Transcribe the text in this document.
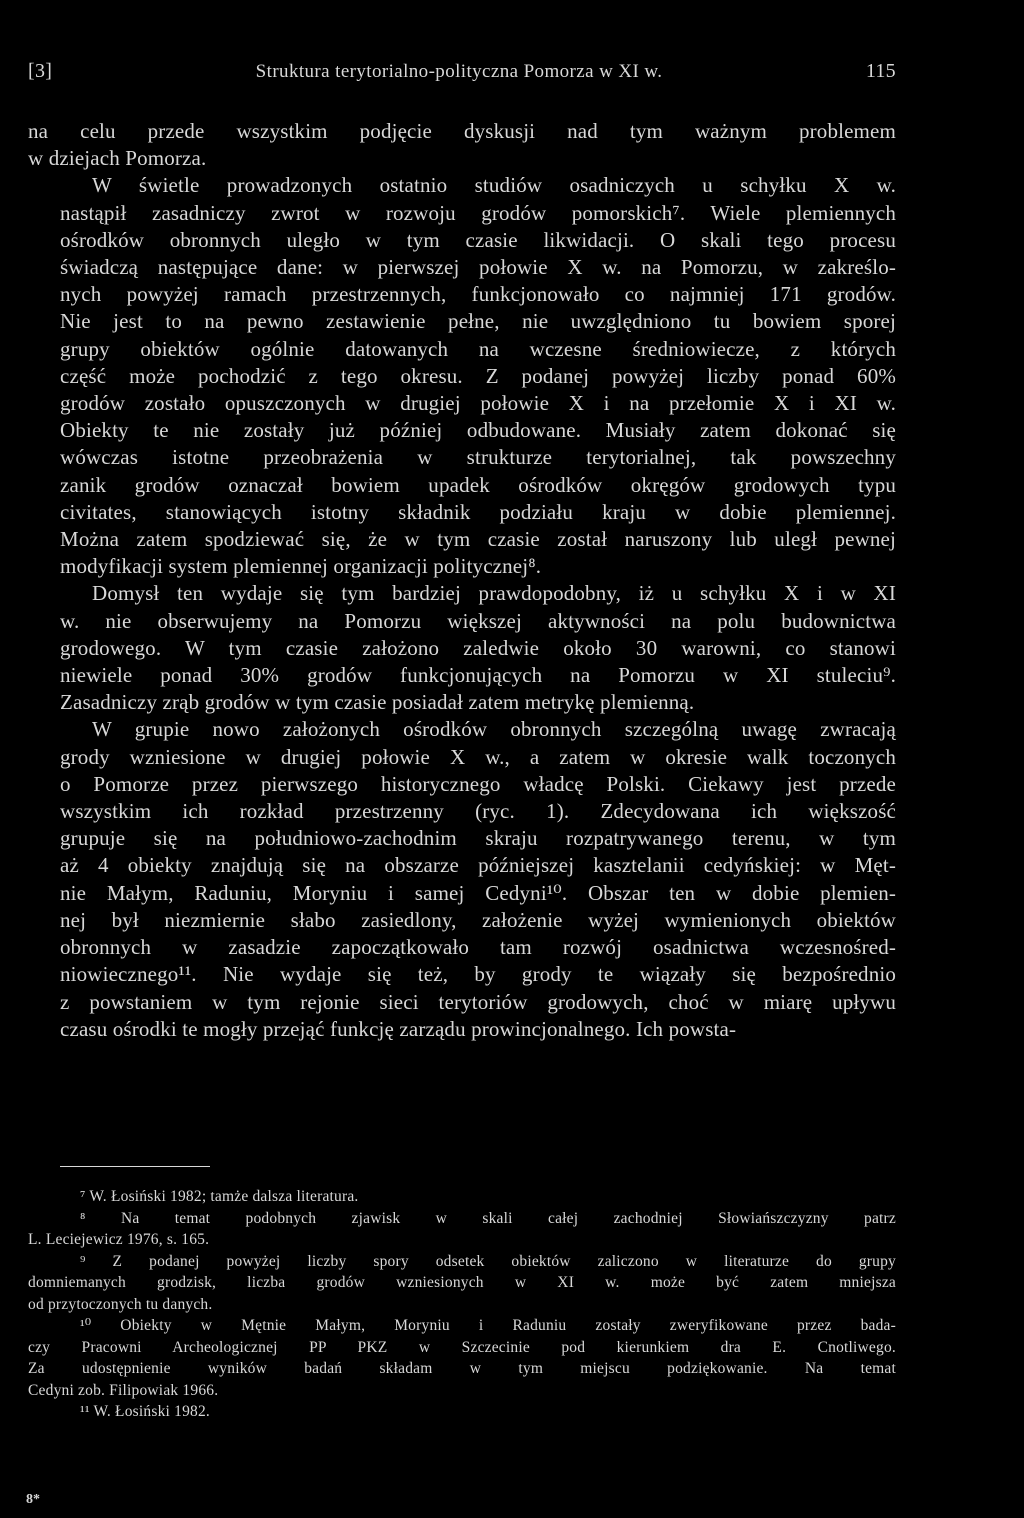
[3]	Struktura terytorialno-polityczna Pomorza w XI w.	115

na celu przede wszystkim podjęcie dyskusji nad tym ważnym problemem
w dziejach Pomorza.

W świetle prowadzonych ostatnio studiów osadniczych u schyłku X w.
nastąpił zasadniczy zwrot w rozwoju grodów pomorskich⁷. Wiele plemiennych
ośrodków obronnych uległo w tym czasie likwidacji. O skali tego procesu
świadczą następujące dane: w pierwszej połowie X w. na Pomorzu, w zakreślo-
nych powyżej ramach przestrzennych, funkcjonowało co najmniej 171 grodów.
Nie jest to na pewno zestawienie pełne, nie uwzględniono tu bowiem sporej
grupy obiektów ogólnie datowanych na wczesne średniowiecze, z których
część może pochodzić z tego okresu. Z podanej powyżej liczby ponad 60%
grodów zostało opuszczonych w drugiej połowie X i na przełomie X i XI w.
Obiekty te nie zostały już później odbudowane. Musiały zatem dokonać się
wówczas istotne przeobrażenia w strukturze terytorialnej, tak powszechny
zanik grodów oznaczał bowiem upadek ośrodków okręgów grodowych typu
civitates, stanowiących istotny składnik podziału kraju w dobie plemiennej.
Można zatem spodziewać się, że w tym czasie został naruszony lub uległ pewnej
modyfikacji system plemiennej organizacji politycznej⁸.

Domysł ten wydaje się tym bardziej prawdopodobny, iż u schyłku X i w XI
w. nie obserwujemy na Pomorzu większej aktywności na polu budownictwa
grodowego. W tym czasie założono zaledwie około 30 warowni, co stanowi
niewiele ponad 30% grodów funkcjonujących na Pomorzu w XI stuleciu⁹.
Zasadniczy zrąb grodów w tym czasie posiadał zatem metrykę plemienną.

W grupie nowo założonych ośrodków obronnych szczególną uwagę zwracają
grody wzniesione w drugiej połowie X w., a zatem w okresie walk toczonych
o Pomorze przez pierwszego historycznego władcę Polski. Ciekawy jest przede
wszystkim ich rozkład przestrzenny (ryc. 1). Zdecydowana ich większość
grupuje się na południowo-zachodnim skraju rozpatrywanego terenu, w tym
aż 4 obiekty znajdują się na obszarze późniejszej kasztelanii cedyńskiej: w Męt-
nie Małym, Raduniu, Moryniu i samej Cedyni¹⁰. Obszar ten w dobie plemien-
nej był niezmiernie słabo zasiedlony, założenie wyżej wymienionych obiektów
obronnych w zasadzie zapoczątkowało tam rozwój osadnictwa wczesnośred-
niowiecznego¹¹. Nie wydaje się też, by grody te wiązały się bezpośrednio
z powstaniem w tym rejonie sieci terytoriów grodowych, choć w miarę upływu
czasu ośrodki te mogły przejąć funkcję zarządu prowincjonalnego. Ich powsta-

⁷ W. Łosiński 1982; tamże dalsza literatura.
⁸ Na temat podobnych zjawisk w skali całej zachodniej Słowiańszczyzny patrz
L. Leciejewicz 1976, s. 165.
⁹ Z podanej powyżej liczby spory odsetek obiektów zaliczono w literaturze do grupy
domniemanych grodzisk, liczba grodów wzniesionych w XI w. może być zatem mniejsza
od przytoczonych tu danych.
¹⁰ Obiekty w Mętnie Małym, Moryniu i Raduniu zostały zweryfikowane przez bada-
czy Pracowni Archeologicznej PP PKZ w Szczecinie pod kierunkiem dra E. Cnotliwego.
Za udostępnienie wyników badań składam w tym miejscu podziękowanie. Na temat
Cedyni zob. Filipowiak 1966.
¹¹ W. Łosiński 1982.
8*
